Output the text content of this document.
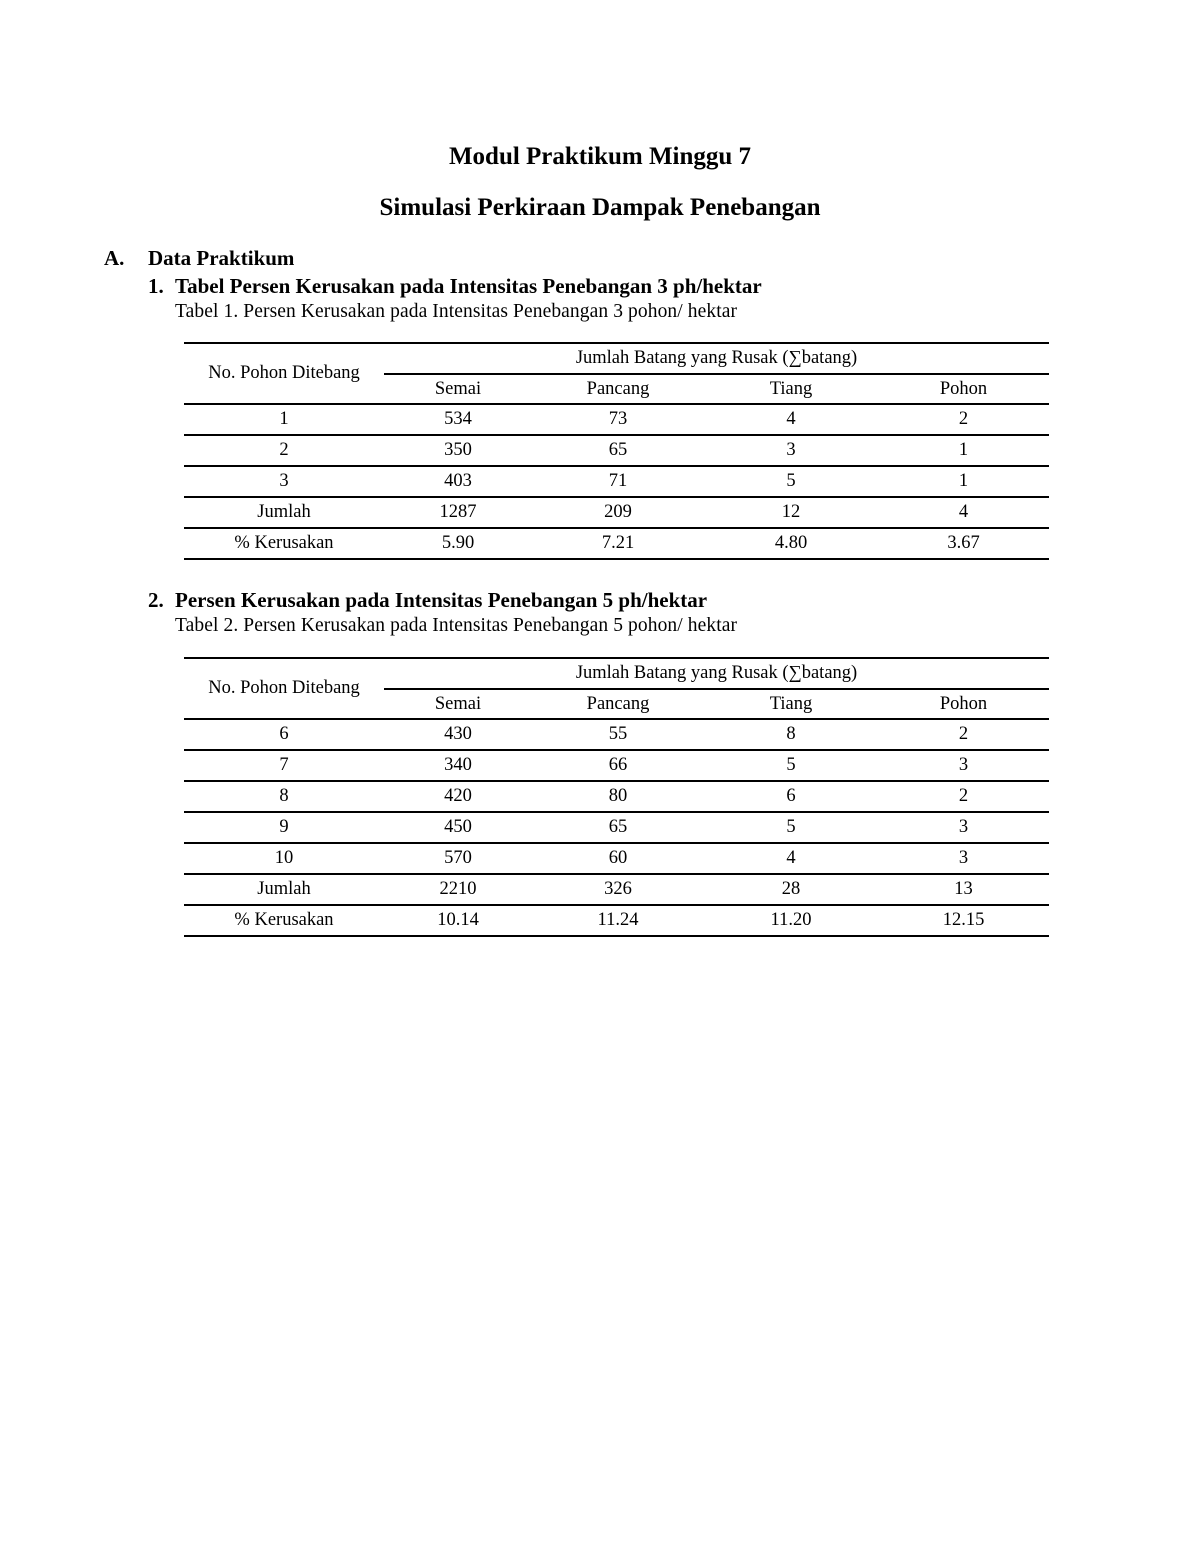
Modul Praktikum Minggu 7
Simulasi Perkiraan Dampak Penebangan
A. Data Praktikum
1. Tabel Persen Kerusakan pada Intensitas Penebangan 3 ph/hektar
Tabel 1. Persen Kerusakan pada Intensitas Penebangan 3 pohon/ hektar
No. Pohon Ditebang	Jumlah Batang yang Rusak (∑batang)			
	Semai	Pancang	Tiang	Pohon
1	534	73	4	2
2	350	65	3	1
3	403	71	5	1
Jumlah	1287	209	12	4
% Kerusakan	5.90	7.21	4.80	3.67
2. Persen Kerusakan pada Intensitas Penebangan 5 ph/hektar
Tabel 2. Persen Kerusakan pada Intensitas Penebangan 5 pohon/ hektar
No. Pohon Ditebang	Jumlah Batang yang Rusak (∑batang)			
	Semai	Pancang	Tiang	Pohon
6	430	55	8	2
7	340	66	5	3
8	420	80	6	2
9	450	65	5	3
10	570	60	4	3
Jumlah	2210	326	28	13
% Kerusakan	10.14	11.24	11.20	12.15
